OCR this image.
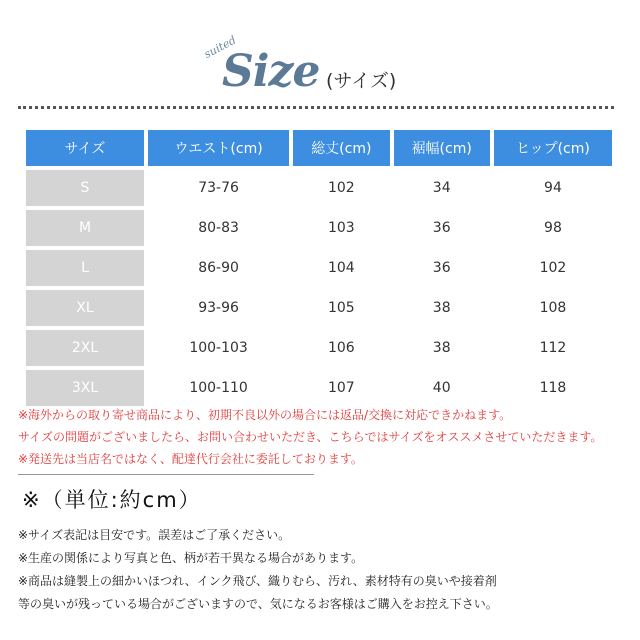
suited
Size (サイズ)
サイズ	ウエスト(cm)	総丈(cm)	裾幅(cm)	ヒップ(cm)
S	73-76	102	34	94
M	80-83	103	36	98
L	86-90	104	36	102
XL	93-96	105	38	108
2XL	100-103	106	38	112
3XL	100-110	107	40	118
※海外からの取り寄せ商品により、初期不良以外の場合には返品/交換に対応できかねます。
サイズの問題がございましたら、お問い合わせいただき、こちらではサイズをオススメさせていただきます。
※発送先は当店名ではなく、配達代行会社に委託しております。
※（単位:約cm）
※サイズ表記は目安です。誤差はご了承ください。
※生産の関係により写真と色、柄が若干異なる場合があります。
※商品は縫製上の細かいほつれ、インク飛び、織りむら、汚れ、素材特有の臭いや接着剤
等の臭いが残っている場合がございますので、気になるお客様はご購入をお控え下さい。
